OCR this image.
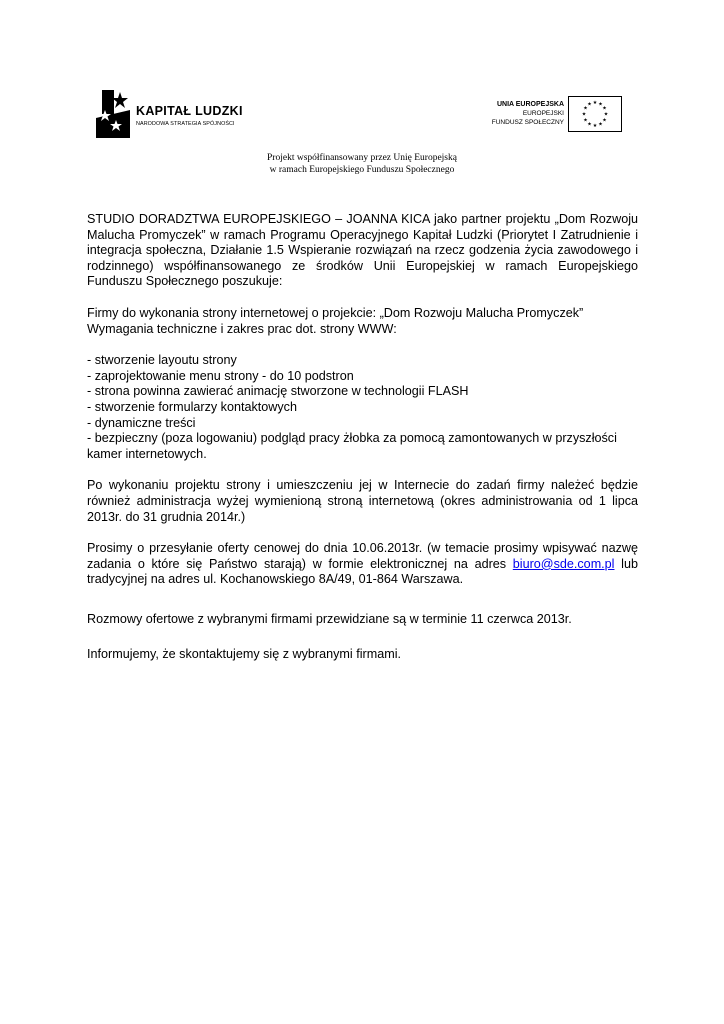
KAPITAŁ LUDZKI
NARODOWA STRATEGIA SPÓJNOŚCI
UNIA EUROPEJSKA
EUROPEJSKI
FUNDUSZ SPOŁECZNY
★ ★
★
★
★
★
★
★
★
★
★
★
Projekt współfinansowany przez Unię Europejską
w ramach Europejskiego Funduszu Społecznego

STUDIO DORADZTWA EUROPEJSKIEGO – JOANNA KICA jako partner projektu „Dom Rozwoju Malucha Promyczek” w ramach Programu Operacyjnego Kapitał Ludzki (Priorytet I Zatrudnienie i integracja społeczna, Działanie 1.5 Wspieranie rozwiązań na rzecz godzenia życia zawodowego i rodzinnego) współfinansowanego ze środków Unii Europejskiej w ramach Europejskiego Funduszu Społecznego poszukuje:

Firmy do wykonania strony internetowej o projekcie: „Dom Rozwoju Malucha Promyczek” Wymagania techniczne i zakres prac dot. strony WWW:

- stworzenie layoutu strony
- zaprojektowanie menu strony - do 10 podstron
- strona powinna zawierać animację stworzone w technologii FLASH
- stworzenie formularzy kontaktowych
- dynamiczne treści
- bezpieczny (poza logowaniu) podgląd pracy żłobka za pomocą zamontowanych w przyszłości kamer internetowych.

Po wykonaniu projektu strony i umieszczeniu jej w Internecie do zadań firmy należeć będzie również administracja wyżej wymienioną stroną internetową (okres administrowania od 1 lipca 2013r. do 31 grudnia 2014r.)

Prosimy o przesyłanie oferty cenowej do dnia 10.06.2013r. (w temacie prosimy wpisywać nazwę zadania o które się Państwo starają) w formie elektronicznej na adres biuro@sde.com.pl lub tradycyjnej na adres ul. Kochanowskiego 8A/49, 01-864 Warszawa.

Rozmowy ofertowe z wybranymi firmami przewidziane są w terminie 11 czerwca 2013r.

Informujemy, że skontaktujemy się z wybranymi firmami.
